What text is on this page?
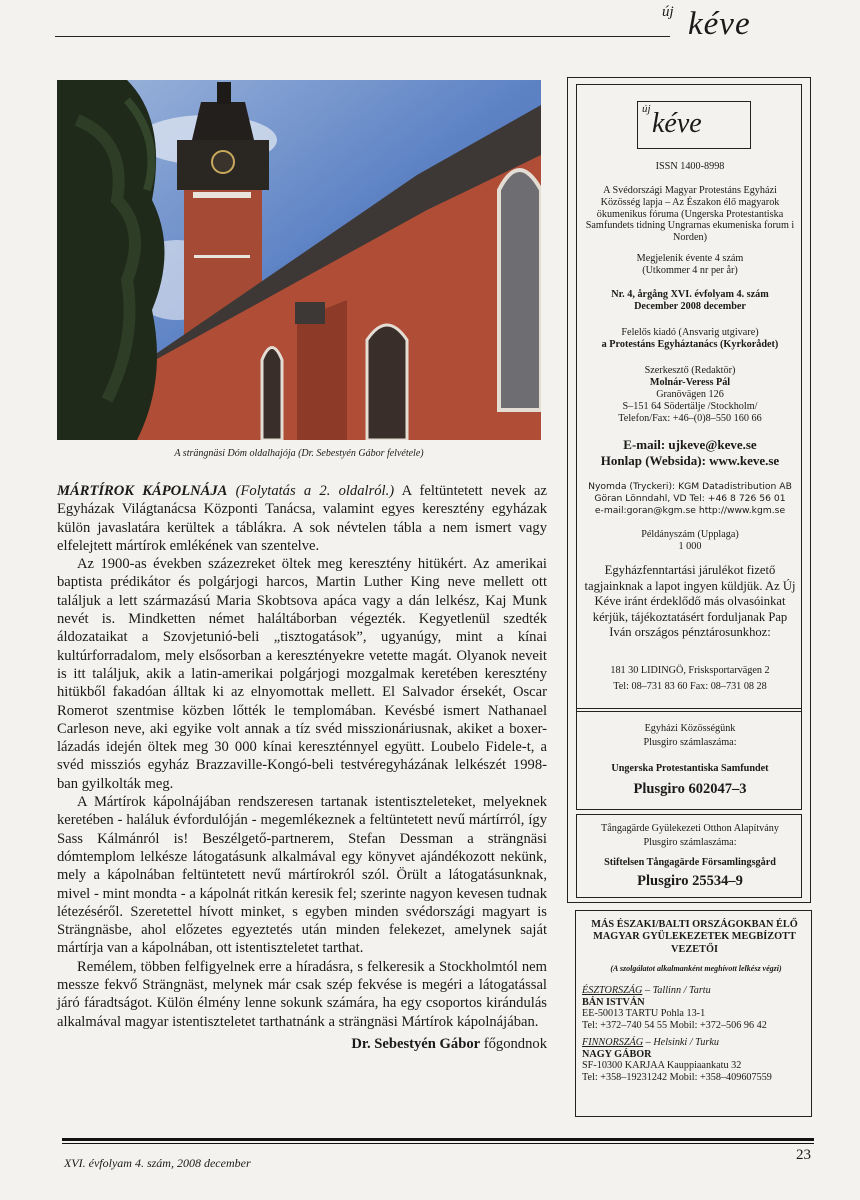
új kéve
A strängnäsi Dóm oldalhajója (Dr. Sebestyén Gábor felvétele)

MÁRTÍROK KÁPOLNÁJA (Folytatás a 2. oldalról.) A feltüntetett nevek az Egyházak Világtanácsa Központi Tanácsa, valamint egyes keresztény egyházak külön javaslatára kerültek a táblákra. A sok névtelen tábla a nem ismert vagy elfelejtett mártírok emlékének van szentelve.

Az 1900-as években százezreket öltek meg keresztény hitükért. Az amerikai baptista prédikátor és polgárjogi harcos, Martin Luther King neve mellett ott találjuk a lett származású Maria Skobtsova apáca vagy a dán lelkész, Kaj Munk nevét is. Mindketten német haláltáborban végezték. Kegyetlenül szedték áldozataikat a Szovjetunió-beli „tisztogatások”, ugyanúgy, mint a kínai kultúrforradalom, mely elsősorban a keresztényekre vetette magát. Olyanok neveit is itt találjuk, akik a latin-amerikai polgárjogi mozgalmak keretében keresztény hitükből fakadóan álltak ki az elnyomottak mellett. El Salvador érsekét, Oscar Romerot szentmise közben lőtték le templomában. Kevésbé ismert Nathanael Carleson neve, aki egyike volt annak a tíz svéd misszionáriusnak, akiket a boxer-lázadás idején öltek meg 30 000 kínai kereszténnyel együtt. Loubelo Fidele-t, a svéd missziós egyház Brazzaville-Kongó-beli testvéregyházának lelkészét 1998-ban gyilkolták meg.

A Mártírok kápolnájában rendszeresen tartanak istentiszteleteket, melyeknek keretében - haláluk évfordulóján - megemlékeznek a feltüntetett nevű mártírról, így Sass Kálmánról is! Beszélgető-partnerem, Stefan Dessman a strängnäsi dómtemplom lelkésze látogatásunk alkalmával egy könyvet ajándékozott nekünk, mely a kápolnában feltüntetett nevű mártírokról szól. Örült a látogatásunknak, mivel - mint mondta - a kápolnát ritkán keresik fel; szerinte nagyon kevesen tudnak létezéséről. Szeretettel hívott minket, s egyben minden svédországi magyart is Strängnäsbe, ahol előzetes egyeztetés után minden felekezet, amelynek saját mártírja van a kápolnában, ott istentiszteletet tarthat.

Remélem, többen felfigyelnek erre a híradásra, s felkeresik a Stockholmtól nem messze fekvő Strängnäst, melynek már csak szép fekvése is megéri a látogatással járó fáradtságot. Külön élmény lenne sokunk számára, ha egy csoportos kirándulás alkalmával magyar istentiszteletet tarthatnánk a strängnäsi Mártírok kápolnájában.

Dr. Sebestyén Gábor főgondnok
új kéve
ISSN 1400-8998
A Svédországi Magyar Protestáns Egyházi Közösség lapja – Az Északon élő magyarok ökumenikus fóruma (Ungerska Protestantiska Samfundets tidning Ungrarnas ekumeniska forum i Norden)
Megjelenik évente 4 szám
(Utkommer 4 nr per år)
Nr. 4, årgång XVI. évfolyam 4. szám
December 2008 december
Felelős kiadó (Ansvarig utgivare)
a Protestáns Egyháztanács (Kyrkorådet)
Szerkesztő (Redaktör)
Molnár-Veress Pál
Granövägen 126
S–151 64 Södertälje /Stockholm/
Telefon/Fax: +46–(0)8–550 160 66
E-mail: ujkeve@keve.se
Honlap (Websida): www.keve.se
Nyomda (Tryckeri): KGM Datadistribution AB
Göran Lönndahl, VD Tel: +46 8 726 56 01
e-mail:goran@kgm.se http://www.kgm.se
Példányszám (Upplaga)
1 000
Egyházfenntartási járulékot fizető tagjainknak a lapot ingyen küldjük. Az Új Kéve iránt érdeklődő más olvasóinkat kérjük, tájékoztatásért forduljanak Pap Iván országos pénztárosunkhoz:
181 30 LIDINGÖ, Frisksportarvägen 2
Tel: 08–731 83 60 Fax: 08–731 08 28
Egyházi Közösségünk
Plusgiro számlaszáma:
Ungerska Protestantiska Samfundet
Plusgiro 602047–3
Tångagärde Gyülekezeti Otthon Alapítvány
Plusgiro számlaszáma:
Stiftelsen Tångagärde Församlingsgård
Plusgiro 25534–9
MÁS ÉSZAKI/BALTI ORSZÁGOKBAN ÉLŐ MAGYAR GYÜLEKEZETEK MEGBÍZOTT VEZETŐI
(A szolgálatot alkalmanként meghívott lelkész végzi)
ÉSZTORSZÁG – Tallinn / Tartu
BÁN ISTVÁN
EE-50013 TARTU Pohla 13-1
Tel: +372–740 54 55 Mobil: +372–506 96 42
FINNORSZÁG – Helsinki / Turku
NAGY GÁBOR
SF-10300 KARJAA Kauppiaankatu 32
Tel: +358–19231242 Mobil: +358–409607559
XVI. évfolyam 4. szám, 2008 december	23
